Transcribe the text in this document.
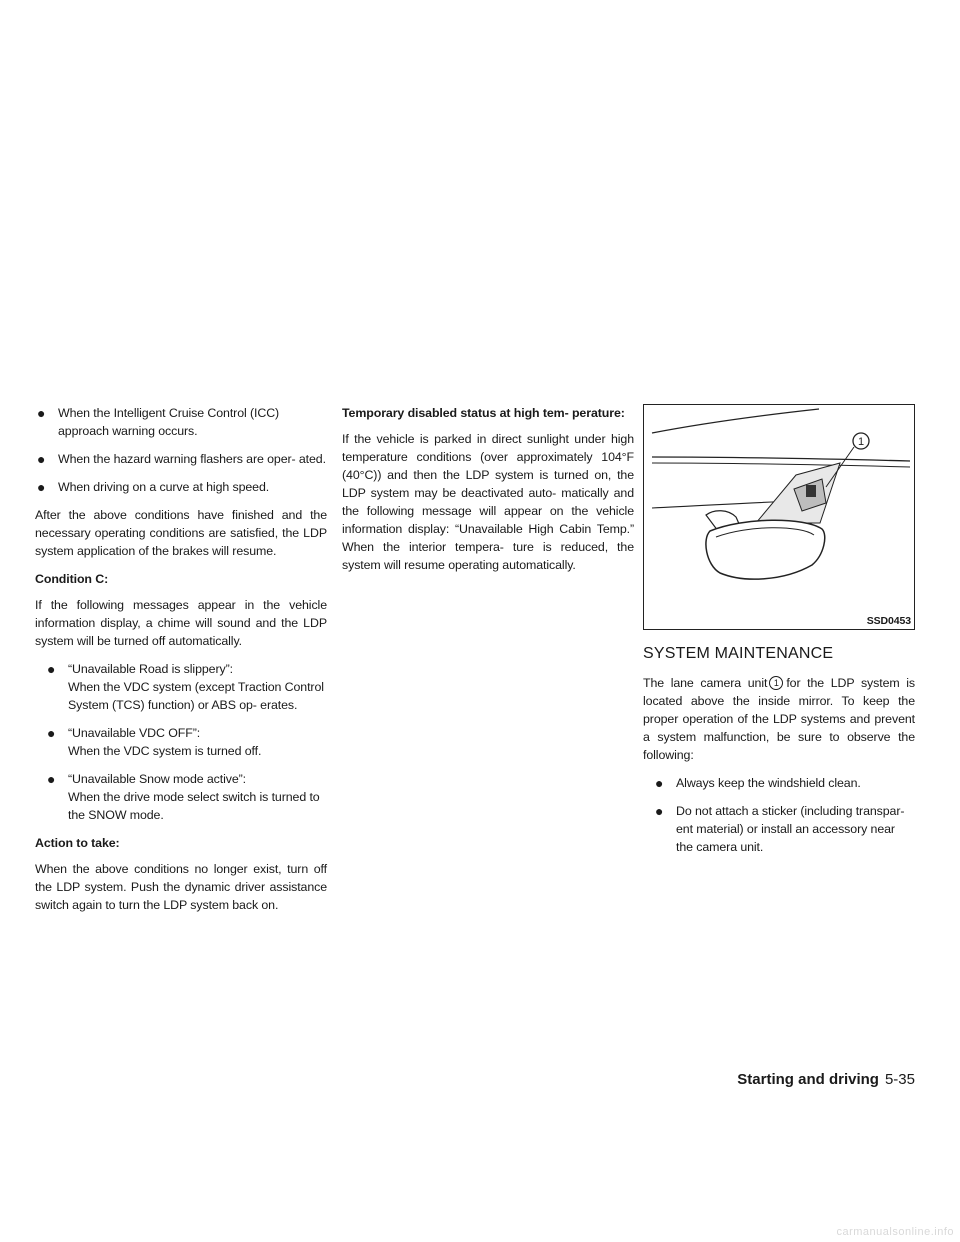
● When the Intelligent Cruise Control (ICC) approach warning occurs.
● When the hazard warning flashers are oper- ated.
● When driving on a curve at high speed.

After the above conditions have finished and the necessary operating conditions are satisfied, the LDP system application of the brakes will resume.

Condition C:

If the following messages appear in the vehicle information display, a chime will sound and the LDP system will be turned off automatically.

● “Unavailable Road is slippery”:
When the VDC system (except Traction Control System (TCS) function) or ABS op- erates.
● “Unavailable VDC OFF”:
When the VDC system is turned off.
● “Unavailable Snow mode active”:
When the drive mode select switch is turned to the SNOW mode.
Action to take:

When the above conditions no longer exist, turn off the LDP system. Push the dynamic driver assistance switch again to turn the LDP system back on.

Temporary disabled status at high tem- perature:

If the vehicle is parked in direct sunlight under high temperature conditions (over approximately 104°F (40°C)) and then the LDP system is turned on, the LDP system may be deactivated auto- matically and the following message will appear on the vehicle information display: “Unavailable High Cabin Temp.” When the interior tempera- ture is reduced, the system will resume operating automatically.

1
SSD0453
SYSTEM MAINTENANCE

The lane camera unit 1 for the LDP system is located above the inside mirror. To keep the proper operation of the LDP systems and prevent a system malfunction, be sure to observe the following:

● Always keep the windshield clean.
● Do not attach a sticker (including transpar- ent material) or install an accessory near the camera unit.
Starting and driving 5-35
carmanualsonline.info
